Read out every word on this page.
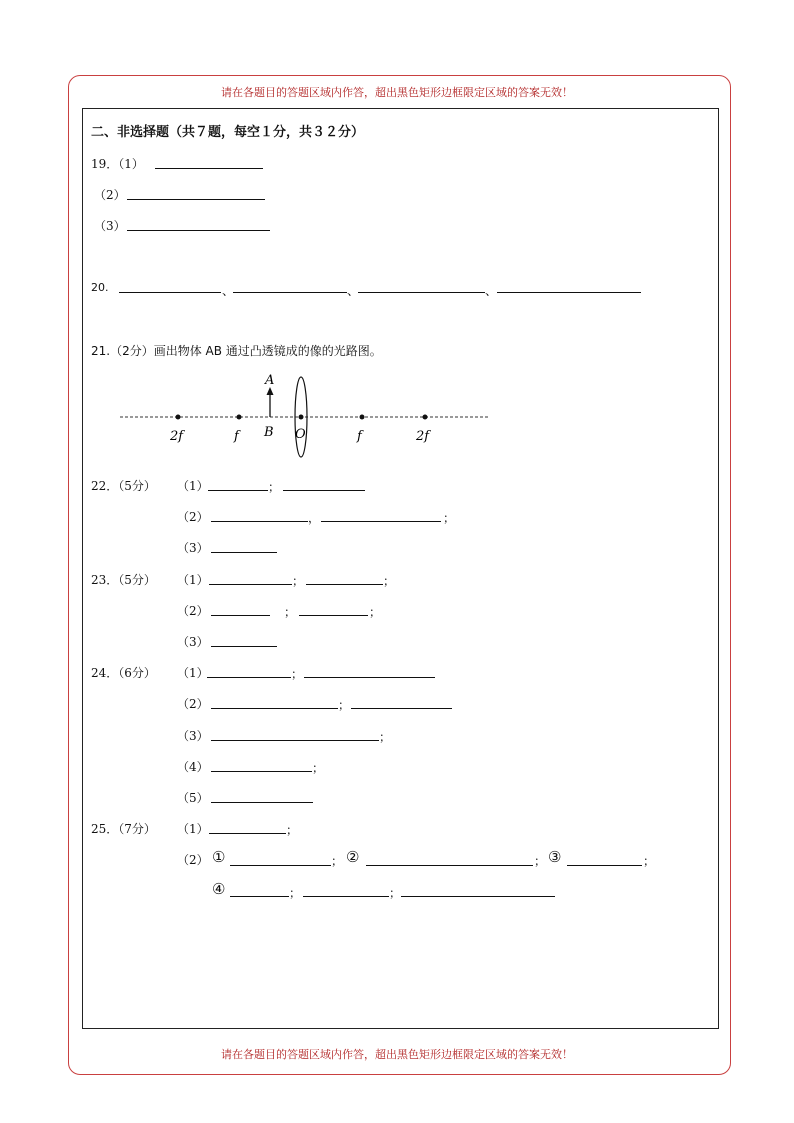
请在各题目的答题区域内作答，超出黑色矩形边框限定区域的答案无效！
二、非选择题（共７题，每空１分，共３２分）
19．（1）
（2）
（3）
20.	、	、	、
21.（2分）画出物体 AB 通过凸透镜成的像的光路图。
A
B O
2f	f	f	2f
22．（5分） （1）	；
（2）	，	；
（3）
23．（5分） （1）	；	；
（2）	；	；
（3）
24．（6分） （1）	；
（2）	；
（3）	；
（4）	；
（5）
25．（7分） （1）	；
（2） ①	； ②	； ③	；
④	；	；
请在各题目的答题区域内作答，超出黑色矩形边框限定区域的答案无效！
